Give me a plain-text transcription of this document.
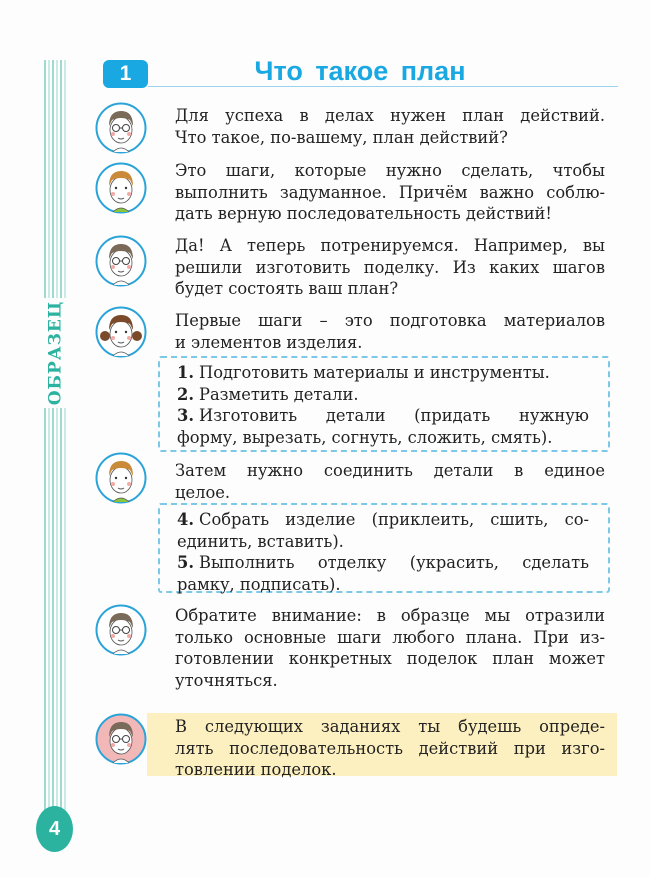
ОБРАЗЕЦ
4
1	Что такое план
Для успеха в делах нужен план действий.
Что такое, по-вашему, план действий?
Это шаги, которые нужно сделать, чтобы
выполнить задуманное. Причём важно соблю-
дать верную последовательность действий!
Да! А теперь потренируемся. Например, вы
решили изготовить поделку. Из каких шагов
будет состоять ваш план?
Первые шаги – это подготовка материалов
и элементов изделия.
Затем нужно соединить детали в единое
целое.
Обратите внимание: в образце мы отразили
только основные шаги любого плана. При из-
готовлении конкретных поделок план может
уточняться.
В следующих заданиях ты будешь опреде-
лять последовательность действий при изго-
товлении поделок.
1. Подготовить материалы и инструменты.
2. Разметить детали.
3. Изготовить детали (придать нужную
форму, вырезать, согнуть, сложить, смять).
4. Собрать изделие (приклеить, сшить, со-
единить, вставить).
5. Выполнить отделку (украсить, сделать
рамку, подписать).
